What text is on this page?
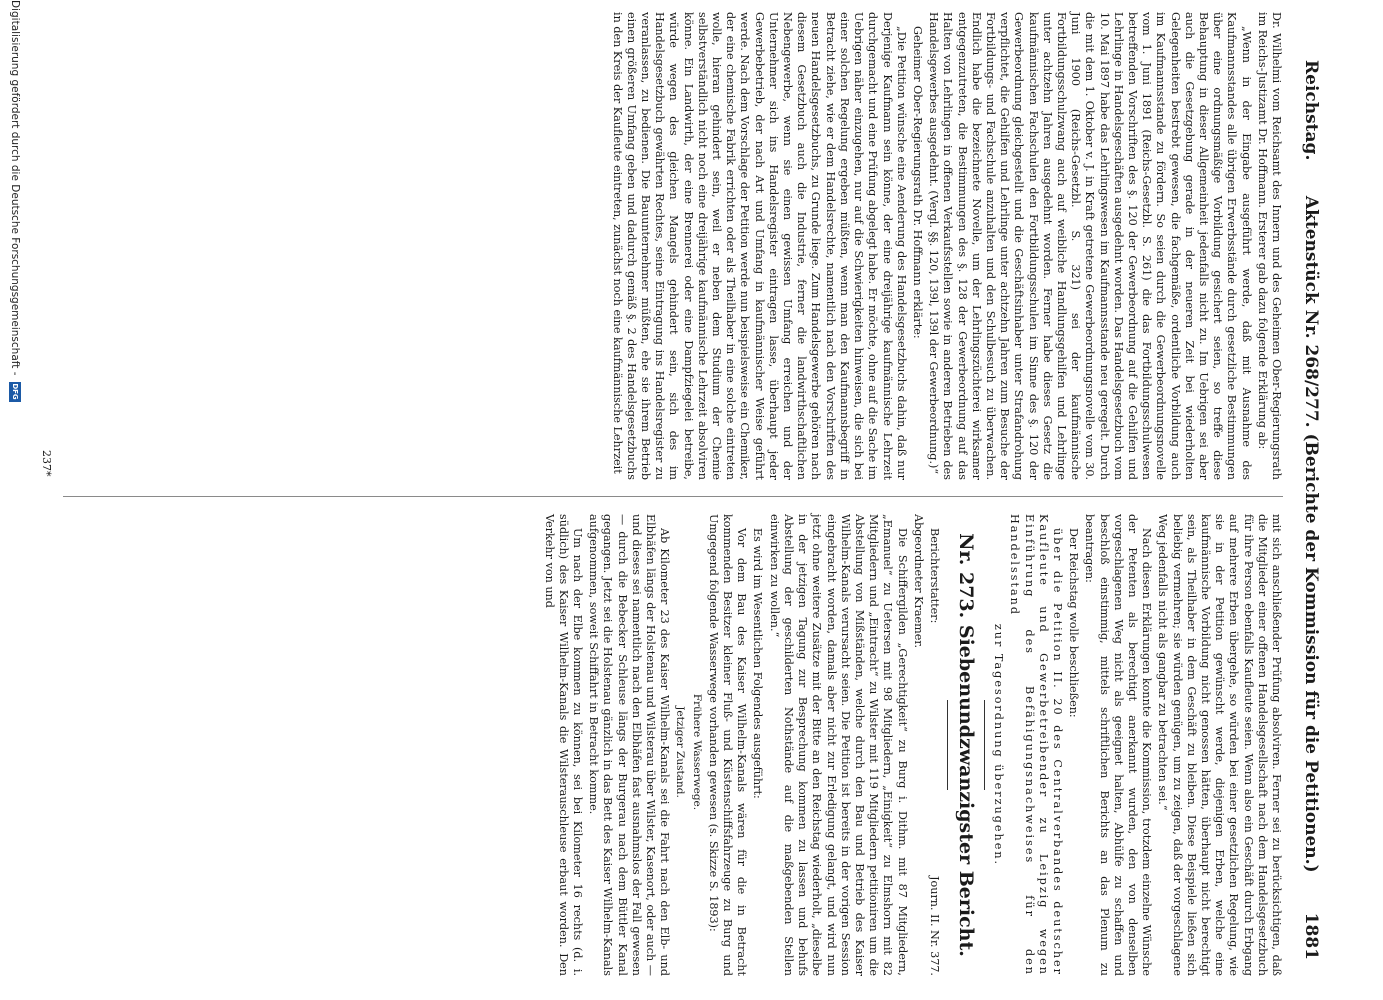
Reichstag.      Aktenstück Nr. 268/277. (Berichte der Kommission für die Petitionen.)
1881

Dr. Wilhelmi vom Reichsamt des Innern und des Geheimen Ober-Regierungsrath im Reichs-Justizamt Dr. Hoffmann. Ersterer gab dazu folgende Erklärung ab:

„Wenn in der Eingabe ausgeführt werde, daß mit Ausnahme des Kaufmannsstandes alle übrigen Erwerbsstände durch gesetzliche Bestimmungen über eine ordnungsmäßige Vorbildung gesichert seien, so treffe diese Behauptung in dieser Allgemeinheit jedenfalls nicht zu. Im Uebrigen sei aber auch die Gesetzgebung gerade in der neueren Zeit bei wiederholten Gelegenheiten bestrebt gewesen, die fachgemäße, ordentliche Vorbildung auch im Kaufmannsstande zu fördern. So seien durch die Gewerbeordnungsnovelle vom 1. Juni 1891 (Reichs-Gesetzbl. S. 261) die das Fortbildungsschulwesen betreffenden Vorschriften des §. 120 der Gewerbeordnung auf die Gehilfen und Lehrlinge in Handelsgeschäften ausgedehnt worden. Das Handelsgesetzbuch vom 10. Mai 1897 habe das Lehrlingswesen im Kaufmannsstande neu geregelt. Durch die mit dem 1. Oktober v. J. in Kraft getretene Gewerbeordnungsnovelle vom 30. Juni 1900 (Reichs-Gesetzbl. S. 321) sei der kaufmännische Fortbildungsschulzwang auch auf weibliche Handlungsgehilfen und Lehrlinge unter achtzehn Jahren ausgedehnt worden. Ferner habe dieses Gesetz die kaufmännischen Fachschulen den Fortbildungsschulen im Sinne des §. 120 der Gewerbeordnung gleichgestellt und die Geschäftsinhaber unter Strafandrohung verpflichtet, die Gehilfen und Lehrlinge unter achtzehn Jahren zum Besuche der Fortbildungs- und Fachschule anzuhalten und den Schulbesuch zu überwachen. Endlich habe die bezeichnete Novelle, um der Lehrlingszüchterei wirksamer entgegenzutreten, die Bestimmungen des §. 128 der Gewerbeordnung auf das Halten von Lehrlingen in offenen Verkaufsstellen sowie in anderen Betrieben des Handelsgewerbes ausgedehnt. (Vergl. §§. 120, 139l, 139l der Gewerbeordnung.)“

Geheimer Ober-Regierungsrath Dr. Hoffmann erklärte:

„Die Petition wünsche eine Aenderung des Handelsgesetzbuchs dahin, daß nur Derjenige Kaufmann sein könne, der eine dreijährige kaufmännische Lehrzeit durchgemacht und eine Prüfung abgelegt habe. Er möchte, ohne auf die Sache im Uebrigen näher einzugehen, nur auf die Schwierigkeiten hinweisen, die sich bei einer solchen Regelung ergeben müßten, wenn man den Kaufmannsbegriff in Betracht ziehe, wie er dem Handelsrechte, namentlich nach den Vorschriften des neuen Handelsgesetzbuchs, zu Grunde liege. Zum Handelsgewerbe gehören nach diesem Gesetzbuch auch die Industrie, ferner die landwirthschaftlichen Nebengewerbe, wenn sie einen gewissen Umfang erreichen und der Unternehmer sich ins Handelsregister eintragen lasse, überhaupt jeder Gewerbebetrieb, der nach Art und Umfang in kaufmännischer Weise geführt werde. Nach dem Vorschlage der Petition werde nun beispielsweise ein Chemiker, der eine chemische Fabrik errichten oder als Theilhaber in eine solche eintreten wolle, hieran gehindert sein, weil er neben dem Studium der Chemie selbstverständlich nicht noch eine dreijährige kaufmännische Lehrzeit absolviren könne. Ein Landwirth, der eine Brennerei oder eine Dampfziegelei betreibe, würde wegen des gleichen Mangels gehindert sein, sich des im Handelsgesetzbuch gewährten Rechtes, seine Eintragung ins Handelsregister zu veranlassen, zu bedienen. Die Bauunternehmer müßten, ehe sie ihrem Betrieb einen größeren Umfang geben und dadurch gemäß §. 2 des Handelsgesetzbuchs in den Kreis der Kaufleute eintreten, zunächst noch eine kaufmännische Lehrzeit

mit sich anschließender Prüfung absolviren. Ferner sei zu berücksichtigen, daß die Mitglieder einer offenen Handelsgesellschaft nach dem Handelsgesetzbuch für ihre Person ebenfalls Kaufleute seien. Wenn also ein Geschäft durch Erbgang auf mehrere Erben übergehe, so würden bei einer gesetzlichen Regelung, wie sie in der Petition gewünscht werde, diejenigen Erben, welche eine kaufmännische Vorbildung nicht genossen hätten, überhaupt nicht berechtigt sein, als Theilhaber in dem Geschäft zu bleiben. Diese Beispiele ließen sich beliebig vermehren; sie würden genügen, um zu zeigen, daß der vorgeschlagene Weg jedenfalls nicht als gangbar zu betrachten sei.“

Nach diesen Erklärungen konnte die Kommission, trotzdem einzelne Wünsche der Petenten als berechtigt anerkannt wurden, den von denselben vorgeschlagenen Weg nicht als geeignet halten, Abhülfe zu schaffen und beschloß einstimmig, mittels schriftlichen Berichts an das Plenum zu beantragen:

Der Reichstag wolle beschließen:

über die Petition II. 20 des Centralverbandes deutscher Kaufleute und Gewerbetreibender zu Leipzig wegen Einführung des Befähigungsnachweises für den Handelsstand

zur Tagesordnung überzugehen.

Nr. 273. Siebenundzwanzigster Bericht.

Berichterstatter:
Journ. II. Nr. 377.

Abgeordneter Kraemer.

Die Schiffergilden „Gerechtigkeit“ zu Burg i. Dithm. mit 87 Mitgliedern, „Emanuel“ zu Uetersen mit 98 Mitgliedern, „Einigkeit“ zu Elmshorn mit 82 Mitgliedern und „Eintracht“ zu Wilster mit 119 Mitgliedern petitioniren um die Abstellung von Mißständen, welche durch den Bau und Betrieb des Kaiser Wilhelm-Kanals verursacht seien. Die Petition ist bereits in der vorigen Session eingebracht worden, damals aber nicht zur Erledigung gelangt, und wird nun jetzt ohne weitere Zusätze mit der Bitte an den Reichstag wiederholt, „dieselbe in der jetzigen Tagung zur Besprechung kommen zu lassen und behufs Abstellung der geschilderten Nothstände auf die maßgebenden Stellen einwirken zu wollen.“

Es wird im Wesentlichen Folgendes ausgeführt:

Vor dem Bau des Kaiser Wilhelm-Kanals wären für die in Betracht kommenden Besitzer kleiner Fluß- und Küstenschiffsfahrzeuge zu Burg und Umgegend folgende Wasserwege vorhanden gewesen (s. Skizze S. 1893):

Frühere Wasserwege.

Jetziger Zustand.

Ab Kilometer 23 des Kaiser Wilhelm-Kanals sei die Fahrt nach den Elb- und Elbhäfen längs der Holstenau und Wilsterau über Wilster, Kasenort, oder auch — und dieses sei namentlich nach den Elbhäfen fast ausnahmslos der Fall gewesen — durch die Bebecker Schleuse längs der Burgerau nach dem Büttler Kanal gegangen. Jetzt sei die Holstenau gänzlich in das Bett des Kaiser Wilhelm-Kanals aufgenommen, soweit Schiffahrt in Betracht komme.

Um nach der Elbe kommen zu können, sei bei Kilometer 16 rechts (d. i. südlich) des Kaiser Wilhelm-Kanals die Wilsterauschleuse erbaut worden. Den Verkehr von und

237*
Digitalisierung gefördert durch die Deutsche Forschungsgemeinschaft -
DFG
